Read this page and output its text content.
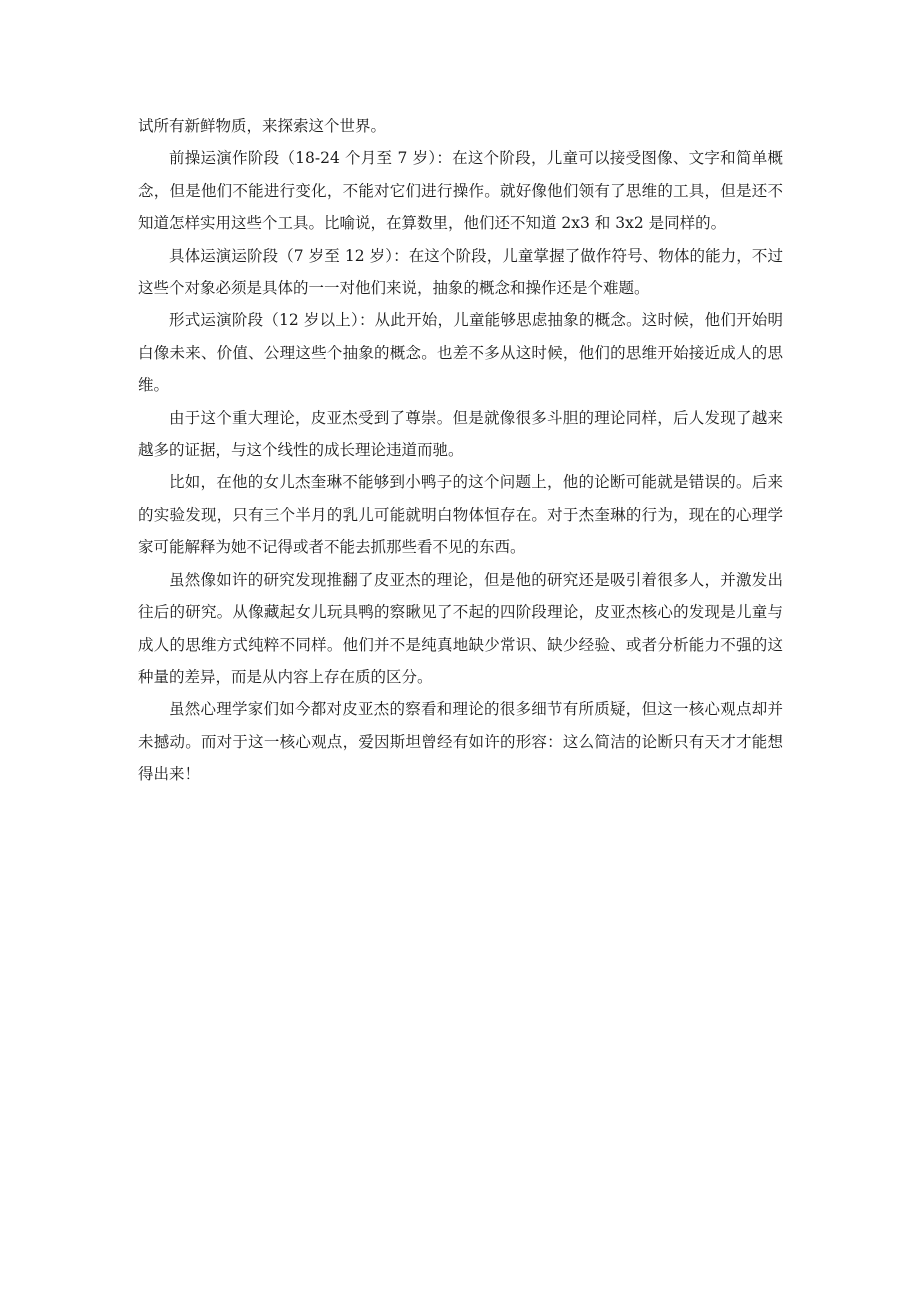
试所有新鲜物质，来探索这个世界。

前操运演作阶段（18-24 个月至 7 岁）：在这个阶段，儿童可以接受图像、文字和简单概念，但是他们不能进行变化，不能对它们进行操作。就好像他们领有了思维的工具，但是还不知道怎样实用这些个工具。比喻说，在算数里，他们还不知道 2x3 和 3x2 是同样的。

具体运演运阶段（7 岁至 12 岁）：在这个阶段，儿童掌握了做作符号、物体的能力，不过这些个对象必须是具体的一一对他们来说，抽象的概念和操作还是个难题。

形式运演阶段（12 岁以上）：从此开始，儿童能够思虑抽象的概念。这时候，他们开始明白像未来、价值、公理这些个抽象的概念。也差不多从这时候，他们的思维开始接近成人的思维。

由于这个重大理论，皮亚杰受到了尊崇。但是就像很多斗胆的理论同样，后人发现了越来越多的证据，与这个线性的成长理论违道而驰。

比如，在他的女儿杰奎琳不能够到小鸭子的这个问题上，他的论断可能就是错误的。后来的实验发现，只有三个半月的乳儿可能就明白物体恒存在。对于杰奎琳的行为，现在的心理学家可能解释为她不记得或者不能去抓那些看不见的东西。

虽然像如许的研究发现推翻了皮亚杰的理论，但是他的研究还是吸引着很多人，并激发出往后的研究。从像藏起女儿玩具鸭的察瞅见了不起的四阶段理论，皮亚杰核心的发现是儿童与成人的思维方式纯粹不同样。他们并不是纯真地缺少常识、缺少经验、或者分析能力不强的这种量的差异，而是从内容上存在质的区分。

虽然心理学家们如今都对皮亚杰的察看和理论的很多细节有所质疑，但这一核心观点却并未撼动。而对于这一核心观点，爱因斯坦曾经有如许的形容：这么简洁的论断只有天才才能想得出来！
